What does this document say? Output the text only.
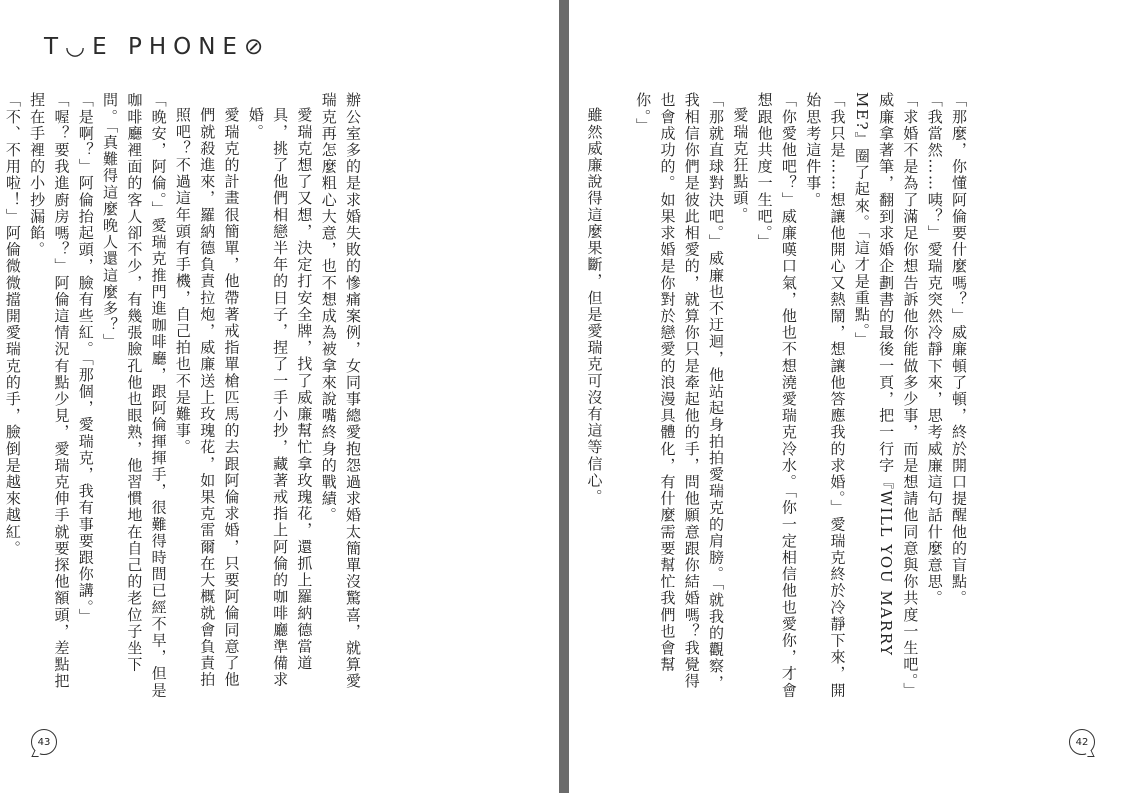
T◡E PHONE⊘

辦公室多的是求婚失敗的慘痛案例，女同事總愛抱怨過求婚太簡單沒驚喜，就算愛瑞克再怎麼粗心大意，也不想成為被拿來說嘴終身的戰績。

愛瑞克想了又想，決定打安全牌，找了威廉幫忙拿玫瑰花，還抓上羅納德當道具，挑了他們相戀半年的日子，捏了一手小抄，藏著戒指上阿倫的咖啡廳準備求婚。

愛瑞克的計畫很簡單，他帶著戒指單槍匹馬的去跟阿倫求婚，只要阿倫同意了他們就殺進來，羅納德負責拉炮，威廉送上玫瑰花，如果克雷爾在大概就會負責拍照吧？不過這年頭有手機，自己拍也不是難事。

「晚安，阿倫。」愛瑞克推門進咖啡廳，跟阿倫揮揮手，很難得時間已經不早，但是咖啡廳裡面的客人卻不少，有幾張臉孔他也眼熟，他習慣地在自己的老位子坐下問。「真難得這麼晚人還這麼多？」

「是啊？」阿倫抬起頭，臉有些紅。「那個，愛瑞克，我有事要跟你講。」

「喔？要我進廚房嗎？」阿倫這情況有點少見，愛瑞克伸手就要探他額頭，差點把捏在手裡的小抄漏餡。

「不、不用啦！」阿倫微微擋開愛瑞克的手，臉倒是越來越紅。

43

「那麼，你懂阿倫要什麼嗎？」威廉頓了頓，終於開口提醒他的盲點。

「我當然……咦？」愛瑞克突然冷靜下來，思考威廉這句話什麼意思。

「求婚不是為了滿足你想告訴他你能做多少事，而是想請他同意與你共度一生吧。」威廉拿著筆，翻到求婚企劃書的最後一頁，把一行字『WILL YOU MARRY ME?』圈了起來。「這才是重點。」

「我只是……想讓他開心又熱鬧，想讓他答應我的求婚。」愛瑞克終於冷靜下來，開始思考這件事。

「你愛他吧？」威廉嘆口氣，他也不想澆愛瑞克冷水。「你一定相信他也愛你，才會想跟他共度一生吧。」

愛瑞克狂點頭。

「那就直球對決吧。」威廉也不迂迴，他站起身拍拍愛瑞克的肩膀。「就我的觀察，我相信你們是彼此相愛的，就算你只是牽起他的手，問他願意跟你結婚嗎？我覺得也會成功的。如果求婚是你對於戀愛的浪漫具體化，有什麼需要幫忙我們也會幫你。」

雖然威廉說得這麼果斷，但是愛瑞克可沒有這等信心。

42
